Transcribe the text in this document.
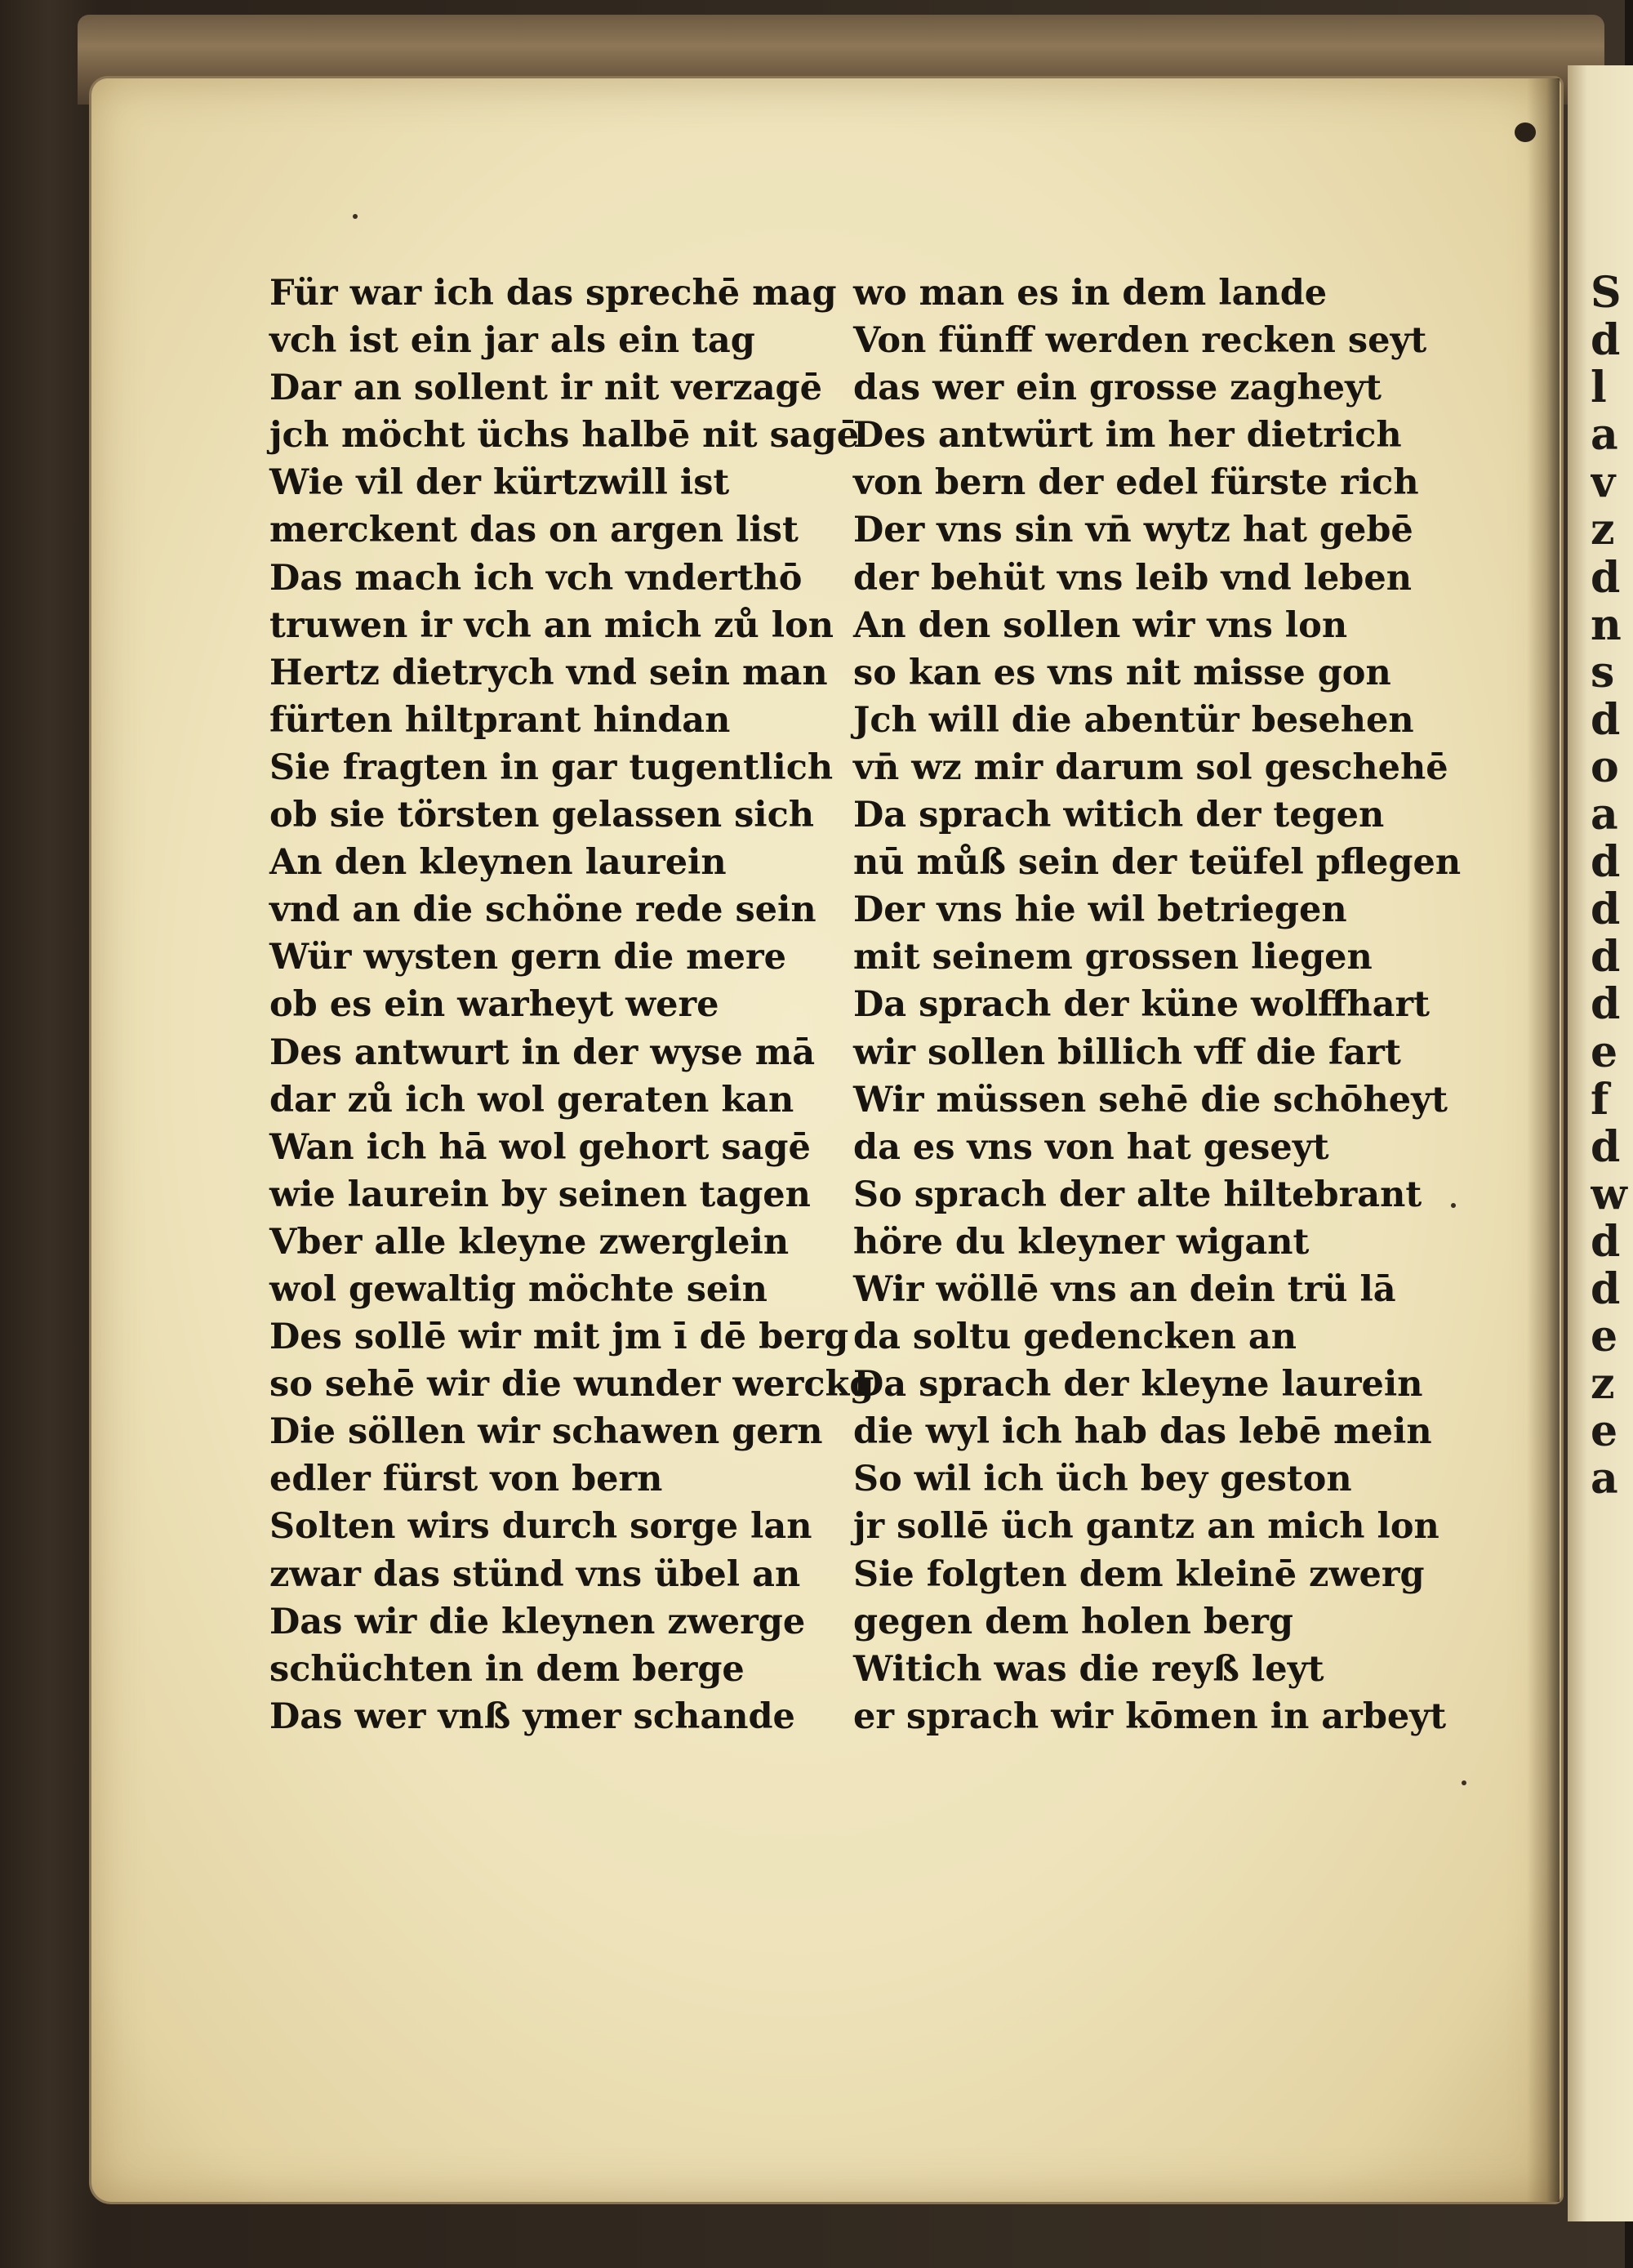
S
d
l
a
v
z
d
n
s
d
o
a
d
d
d
d
e
f
d
w
d
d
e
z
e
a
Für war ich das sprechē mag
vch ist ein jar als ein tag
Dar an sollent ir nit verzagē
jch möcht üchs halbē nit sagē
Wie vil der kürtzwill ist
merckent das on argen list
Das mach ich vch vnderthō
truwen ir vch an mich zů lon
Hertz dietrych vnd sein man
fürten hiltprant hindan
Sie fragten in gar tugentlich
ob sie törsten gelassen sich
An den kleynen laurein
vnd an die schöne rede sein
Wür wysten gern die mere
ob es ein warheyt were
Des antwurt in der wyse mā
dar zů ich wol geraten kan
Wan ich hā wol gehort sagē
wie laurein by seinen tagen
Vber alle kleyne zwerglein
wol gewaltig möchte sein
Des sollē wir mit jm ī dē berg
so sehē wir die wunder werckg
Die söllen wir schawen gern
edler fürst von bern
Solten wirs durch sorge lan
zwar das stünd vns übel an
Das wir die kleynen zwerge
schüchten in dem berge
Das wer vnß ymer schande
wo man es in dem lande
Von fünff werden recken seyt
das wer ein grosse zagheyt
Des antwürt im her dietrich
von bern der edel fürste rich
Der vns sin vn̄ wytz hat gebē
der behüt vns leib vnd leben
An den sollen wir vns lon
so kan es vns nit misse gon
Jch will die abentür besehen
vn̄ wz mir darum sol geschehē
Da sprach witich der tegen
nū můß sein der teüfel pflegen
Der vns hie wil betriegen
mit seinem grossen liegen
Da sprach der küne wolffhart
wir sollen billich vff die fart
Wir müssen sehē die schōheyt
da es vns von hat geseyt
So sprach der alte hiltebrant
höre du kleyner wigant
Wir wöllē vns an dein trü lā
da soltu gedencken an
Da sprach der kleyne laurein
die wyl ich hab das lebē mein
So wil ich üch bey geston
jr sollē üch gantz an mich lon
Sie folgten dem kleinē zwerg
gegen dem holen berg
Witich was die reyß leyt
er sprach wir kōmen in arbeyt
